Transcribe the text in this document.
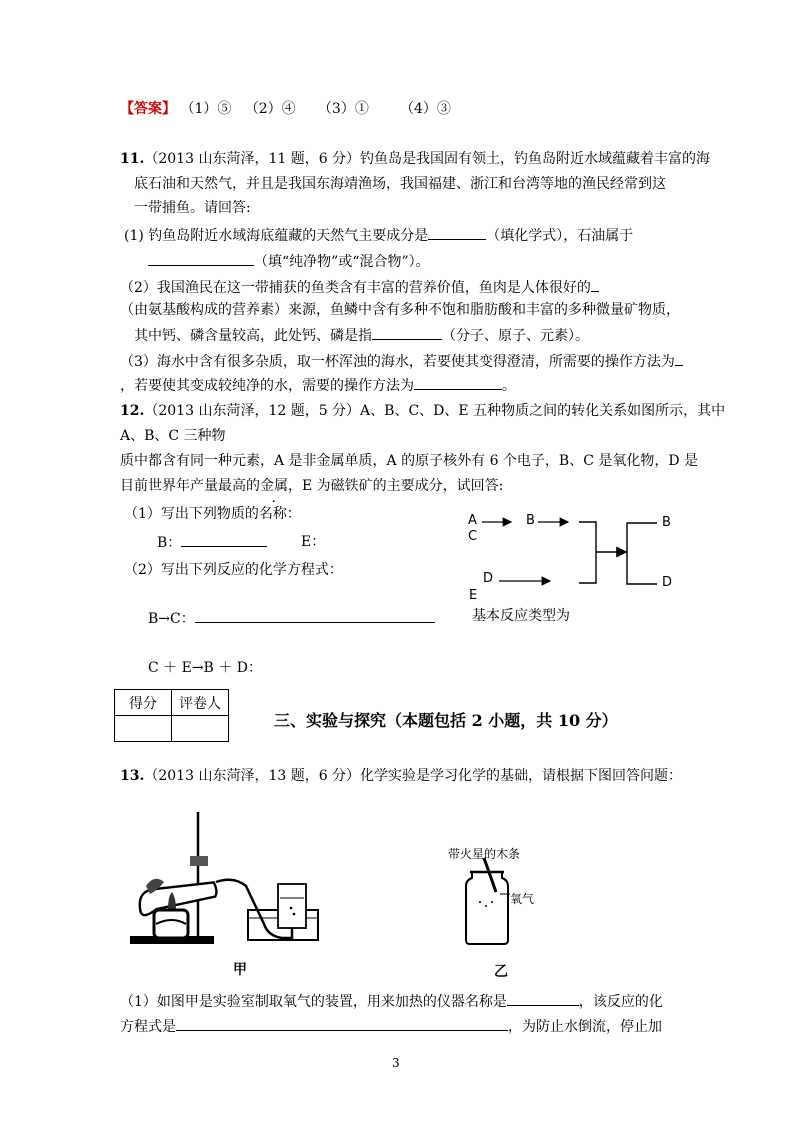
【答案】 （1）⑤ （2）④ （3）① （4）③
11.（2013 山东菏泽，11 题，6 分）钓鱼岛是我国固有领土，钓鱼岛附近水域蕴藏着丰富的海
底石油和天然气，并且是我国东海靖渔场，我国福建、浙江和台湾等地的渔民经常到这
一带捕鱼。请回答:
(1) 钓鱼岛附近水域海底蕴藏的天然气主要成分是	（填化学式），石油属于
（填“纯净物”或“混合物”）。
（2）我国渔民在这一带捕获的鱼类含有丰富的营养价值，鱼肉是人体很好的
（由氨基酸构成的营养素）来源，鱼鳞中含有多种不饱和脂肪酸和丰富的多种微量矿物质，
其中钙、磷含量较高，此处钙、磷是指	（分子、原子、元素）。
（3）海水中含有很多杂质，取一杯浑浊的海水，若要使其变得澄清，所需要的操作方法为
，若要使其变成较纯净的水，需要的操作方法为	。
12.（2013 山东菏泽，12 题，5 分）A、B、C、D、E 五种物质之间的转化关系如图所示，其中
A、B、C 三种物
质中都含有同一种元素，A 是非金属单质，A 的原子核外有 6 个电子，B、C 是氧化物，D 是
目前世界年产量最高的金属，E 为磁铁矿的主要成分，试回答:
（1）写出下列物质的名称：
B：	E：
（2）写出下列反应的化学方程式：
B→C：	基本反应类型为
C ＋ E→B ＋ D：
A	B
C
D
E
B
D
得分	评卷人

三、实验与探究（本题包括 2 小题，共 10 分）
13.（2013 山东菏泽，13 题，6 分）化学实验是学习化学的基础，请根据下图回答问题：
甲
带火星的木条
氧气
乙
（1）如图甲是实验室制取氧气的装置，用来加热的仪器名称是	，该反应的化
方程式是	，为防止水倒流，停止加
3
